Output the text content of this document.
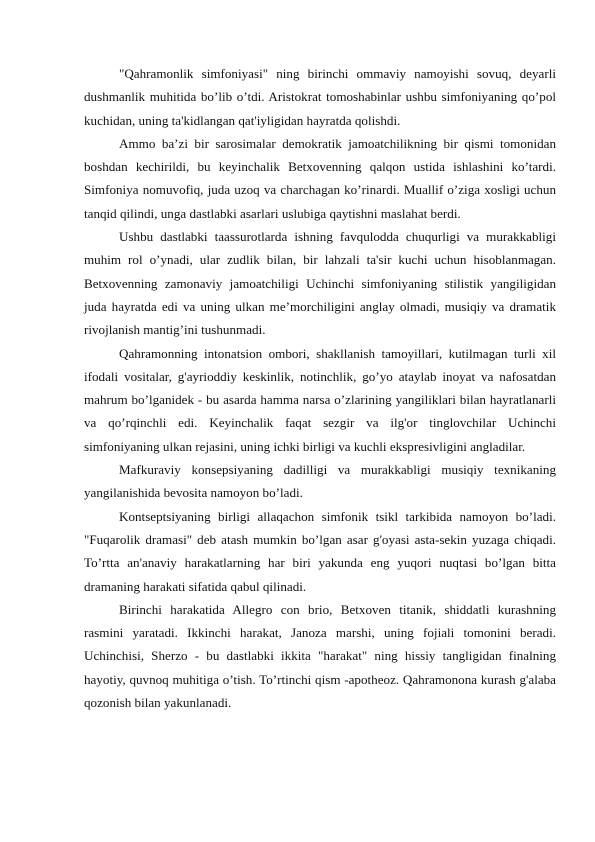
"Qahramonlik simfoniyasi" ning birinchi ommaviy namoyishi sovuq, deyarli dushmanlik muhitida bo’lib o’tdi. Aristokrat tomoshabinlar ushbu simfoniyaning qo’pol kuchidan, uning ta'kidlangan qat'iyligidan hayratda qolishdi.

Ammo ba’zi bir sarosimalar demokratik jamoatchilikning bir qismi tomonidan boshdan kechirildi, bu keyinchalik Betxovenning qalqon ustida ishlashini ko’tardi. Simfoniya nomuvofiq, juda uzoq va charchagan ko’rinardi. Muallif o’ziga xosligi uchun tanqid qilindi, unga dastlabki asarlari uslubiga qaytishni maslahat berdi.

Ushbu dastlabki taassurotlarda ishning favqulodda chuqurligi va murakkabligi muhim rol o’ynadi, ular zudlik bilan, bir lahzali ta'sir kuchi uchun hisoblanmagan. Betxovenning zamonaviy jamoatchiligi Uchinchi simfoniyaning stilistik yangiligidan juda hayratda edi va uning ulkan me’morchiligini anglay olmadi, musiqiy va dramatik rivojlanish mantig’ini tushunmadi.

Qahramonning intonatsion ombori, shakllanish tamoyillari, kutilmagan turli xil ifodali vositalar, g'ayrioddiy keskinlik, notinchlik, go’yo ataylab inoyat va nafosatdan mahrum bo’lganidek - bu asarda hamma narsa o’zlarining yangiliklari bilan hayratlanarli va qo’rqinchli edi. Keyinchalik faqat sezgir va ilg'or tinglovchilar Uchinchi simfoniyaning ulkan rejasini, uning ichki birligi va kuchli ekspresivligini angladilar.

Mafkuraviy konsepsiyaning dadilligi va murakkabligi musiqiy texnikaning yangilanishida bevosita namoyon bo’ladi.

Kontseptsiyaning birligi allaqachon simfonik tsikl tarkibida namoyon bo’ladi. "Fuqarolik dramasi" deb atash mumkin bo’lgan asar g'oyasi asta-sekin yuzaga chiqadi. To’rtta an'anaviy harakatlarning har biri yakunda eng yuqori nuqtasi bo’lgan bitta dramaning harakati sifatida qabul qilinadi.

Birinchi harakatida Allegro con brio, Betxoven titanik, shiddatli kurashning rasmini yaratadi. Ikkinchi harakat, Janoza marshi, uning fojiali tomonini beradi. Uchinchisi, Sherzo - bu dastlabki ikkita "harakat" ning hissiy tangligidan finalning hayotiy, quvnoq muhitiga o’tish. To’rtinchi qism -apotheoz. Qahramonona kurash g'alaba qozonish bilan yakunlanadi.
